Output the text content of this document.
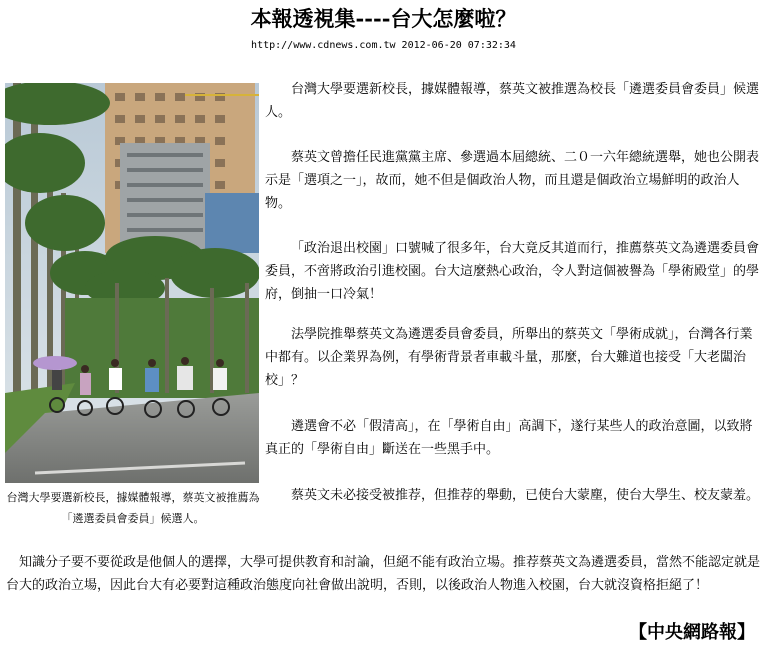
本報透視集----台大怎麼啦？
http://www.cdnews.com.tw 2012-06-20 07:32:34
台灣大學要選新校長，據媒體報導，蔡英文被推薦為「遴選委員會委員」候選人。

台灣大學要選新校長，據媒體報導，蔡英文被推選為校長「遴選委員會委員」候選人。

蔡英文曾擔任民進黨黨主席、參選過本屆總統、二０一六年總統選舉，她也公開表示是「選項之一」，故而，她不但是個政治人物，而且還是個政治立場鮮明的政治人物。

「政治退出校園」口號喊了很多年，台大竟反其道而行，推薦蔡英文為遴選委員會委員，不啻將政治引進校園。台大這麼熱心政治，令人對這個被譽為「學術殿堂」的學府，倒抽一口冷氣！

法學院推舉蔡英文為遴選委員會委員，所舉出的蔡英文「學術成就」，台灣各行業中都有。以企業界為例，有學術背景者車載斗量，那麼，台大難道也接受「大老闆治校」？

遴選會不必「假清高」，在「學術自由」高調下，遂行某些人的政治意圖，以致將真正的「學術自由」斷送在一些黑手中。

蔡英文未必接受被推荐，但推荐的舉動，已使台大蒙塵，使台大學生、校友蒙羞。

知識分子要不要從政是他個人的選擇，大學可提供教育和討論，但絕不能有政治立場。推荐蔡英文為遴選委員，當然不能認定就是台大的政治立場，因此台大有必要對這種政治態度向社會做出說明，否則，以後政治人物進入校園，台大就沒資格拒絕了！

【中央網路報】
